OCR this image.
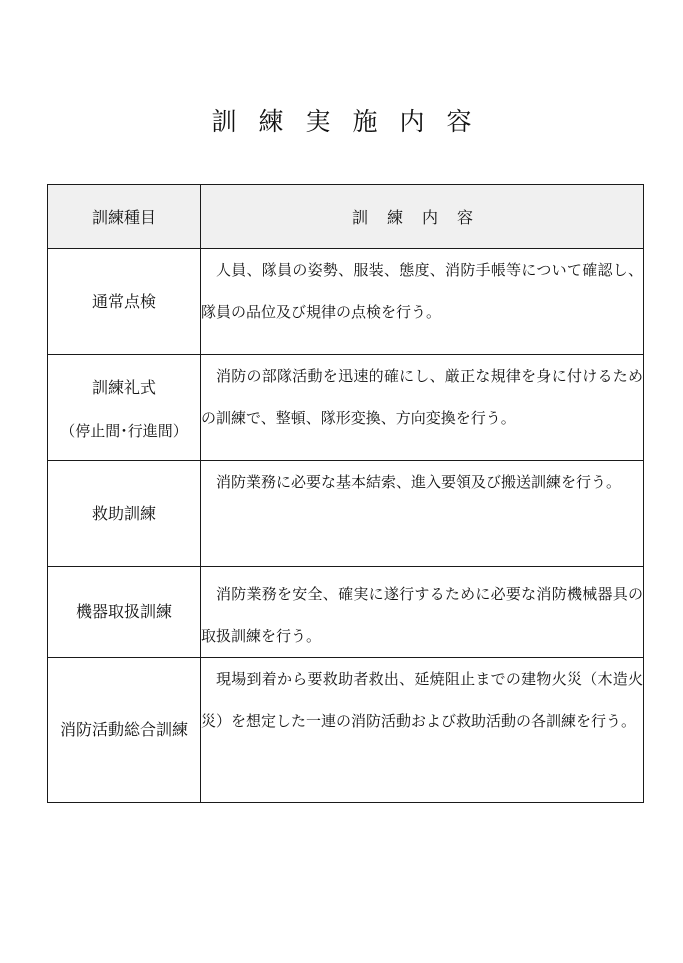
訓練実施内容
訓練種目	訓練内容
通常点検	人員、隊員の姿勢、服装、態度、消防手帳等について確認し、隊員の品位及び規律の点検を行う。
訓練礼式
（停止間･行進間）	消防の部隊活動を迅速的確にし、厳正な規律を身に付けるための訓練で、整頓、隊形変換、方向変換を行う。
救助訓練	消防業務に必要な基本結索、進入要領及び搬送訓練を行う。
機器取扱訓練	消防業務を安全、確実に遂行するために必要な消防機械器具の取扱訓練を行う。
消防活動総合訓練	現場到着から要救助者救出、延焼阻止までの建物火災（木造火災）を想定した一連の消防活動および救助活動の各訓練を行う。
